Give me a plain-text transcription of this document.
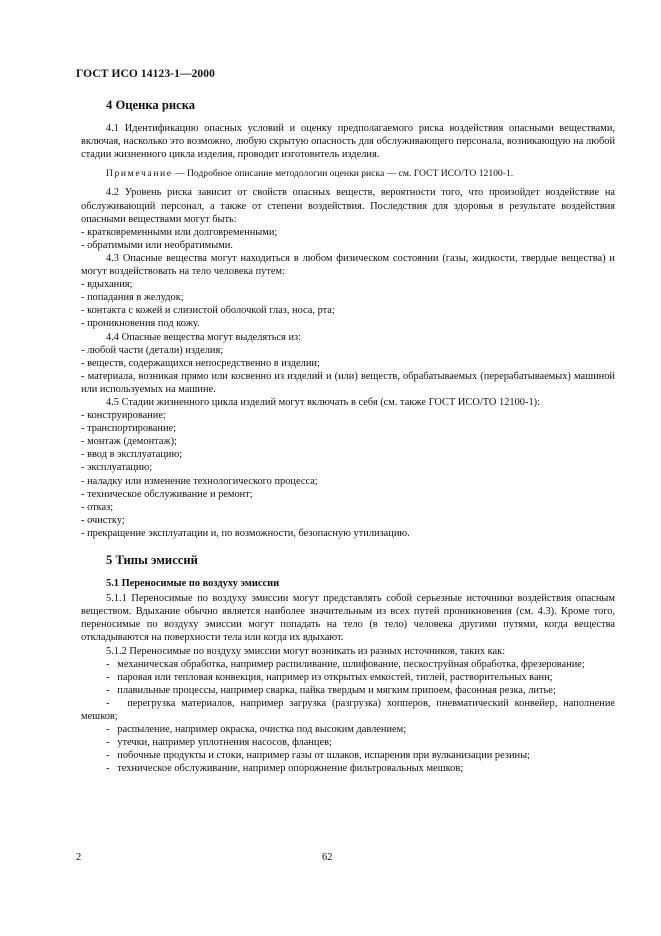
ГОСТ ИСО 14123-1—2000
4 Оценка риска

4.1 Идентификацию опасных условий и оценку предполагаемого риска воздействия опасными веществами, включая, насколько это возможно, любую скрытую опасность для обслуживающего персонала, возникающую на любой стадии жизненного цикла изделия, проводит изготовитель изделия.

Примечание — Подробное описание методологии оценки риска — см. ГОСТ ИСО/ТО 12100-1.

4.2 Уровень риска зависит от свойств опасных веществ, вероятности того, что произойдет воздействие на обслуживающий персонал, а также от степени воздействия. Последствия для здоровья в результате воздействия опасными веществами могут быть:

- кратковременными или долговременными;
- обратимыми или необратимыми.

4.3 Опасные вещества могут находиться в любом физическом состоянии (газы, жидкости, твердые вещества) и могут воздействовать на тело человека путем:

- вдыхания;
- попадания в желудок;
- контакта с кожей и слизистой оболочкой глаз, носа, рта;
- проникновения под кожу.

4.4 Опасные вещества могут выделяться из:

- любой части (детали) изделия;
- веществ, содержащихся непосредственно в изделии;
- материала, возникая прямо или косвенно из изделий и (или) веществ, обрабатываемых (перерабатываемых) машиной или используемых на машине.

4.5 Стадии жизненного цикла изделий могут включать в себя (см. также ГОСТ ИСО/ТО 12100-1):

- конструирование;
- транспортирование;
- монтаж (демонтаж);
- ввод в эксплуатацию;
- эксплуатацию;
- наладку или изменение технологического процесса;
- техническое обслуживание и ремонт;
- отказ;
- очистку;
- прекращение эксплуатации и, по возможности, безопасную утилизацию.
5 Типы эмиссий
5.1 Переносимые по воздуху эмиссии

5.1.1 Переносимые по воздуху эмиссии могут представлять собой серьезные источники воздействия опасным веществом. Вдыхание обычно является наиболее значительным из всех путей проникновения (см. 4.3). Кроме того, переносимые по воздуху эмиссии могут попадать на тело (в тело) человека другими путями, когда вещества откладываются на поверхности тела или когда их вдыхают.

5.1.2 Переносимые по воздуху эмиссии могут возникать из разных источников, таких как:

-   механическая обработка, например распиливание, шлифование, пескоструйная обработка, фрезерование;
-   паровая или тепловая конвекция, например из открытых емкостей, тиглей, растворительных ванн;
-   плавильные процессы, например сварка, пайка твердым и мягким припоем, фасонная резка, литье;
-   перегрузка материалов, например загрузка (разгрузка) хопперов, пневматический конвейер, наполнение мешков;
-   распыление, например окраска, очистка под высоким давлением;
-   утечки, например уплотнения насосов, фланцев;
-   побочные продукты и стоки, например газы от шлаков, испарения при вулканизации резины;
-   техническое обслуживание, например опорожнение фильтровальных мешков;
2	62
